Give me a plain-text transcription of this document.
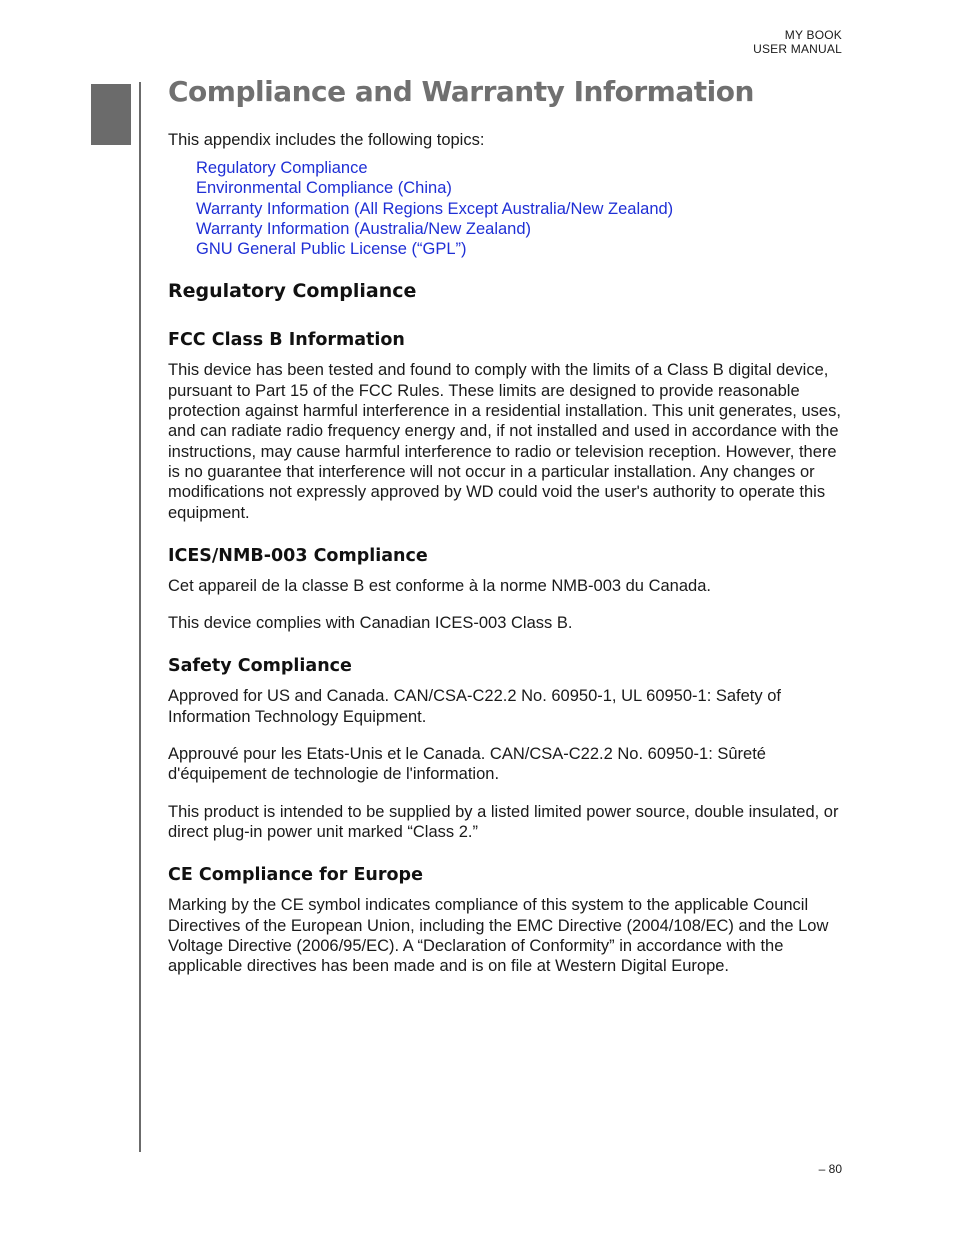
MY BOOK
USER MANUAL
Compliance and Warranty Information

This appendix includes the following topics:

Regulatory Compliance
Environmental Compliance (China)
Warranty Information (All Regions Except Australia/New Zealand)
Warranty Information (Australia/New Zealand)
GNU General Public License (“GPL”)
Regulatory Compliance
FCC Class B Information

This device has been tested and found to comply with the limits of a Class B digital device, pursuant to Part 15 of the FCC Rules. These limits are designed to provide reasonable protection against harmful interference in a residential installation. This unit generates, uses, and can radiate radio frequency energy and, if not installed and used in accordance with the instructions, may cause harmful interference to radio or television reception. However, there is no guarantee that interference will not occur in a particular installation. Any changes or modifications not expressly approved by WD could void the user's authority to operate this equipment.

ICES/NMB-003 Compliance

Cet appareil de la classe B est conforme à la norme NMB-003 du Canada.

This device complies with Canadian ICES-003 Class B.

Safety Compliance

Approved for US and Canada. CAN/CSA-C22.2 No. 60950-1, UL 60950-1: Safety of Information Technology Equipment.

Approuvé pour les Etats-Unis et le Canada. CAN/CSA-C22.2 No. 60950-1: Sûreté d'équipement de technologie de l'information.

This product is intended to be supplied by a listed limited power source, double insulated, or direct plug-in power unit marked “Class 2.”

CE Compliance for Europe

Marking by the CE symbol indicates compliance of this system to the applicable Council Directives of the European Union, including the EMC Directive (2004/108/EC) and the Low Voltage Directive (2006/95/EC). A “Declaration of Conformity” in accordance with the applicable directives has been made and is on file at Western Digital Europe.

– 80
